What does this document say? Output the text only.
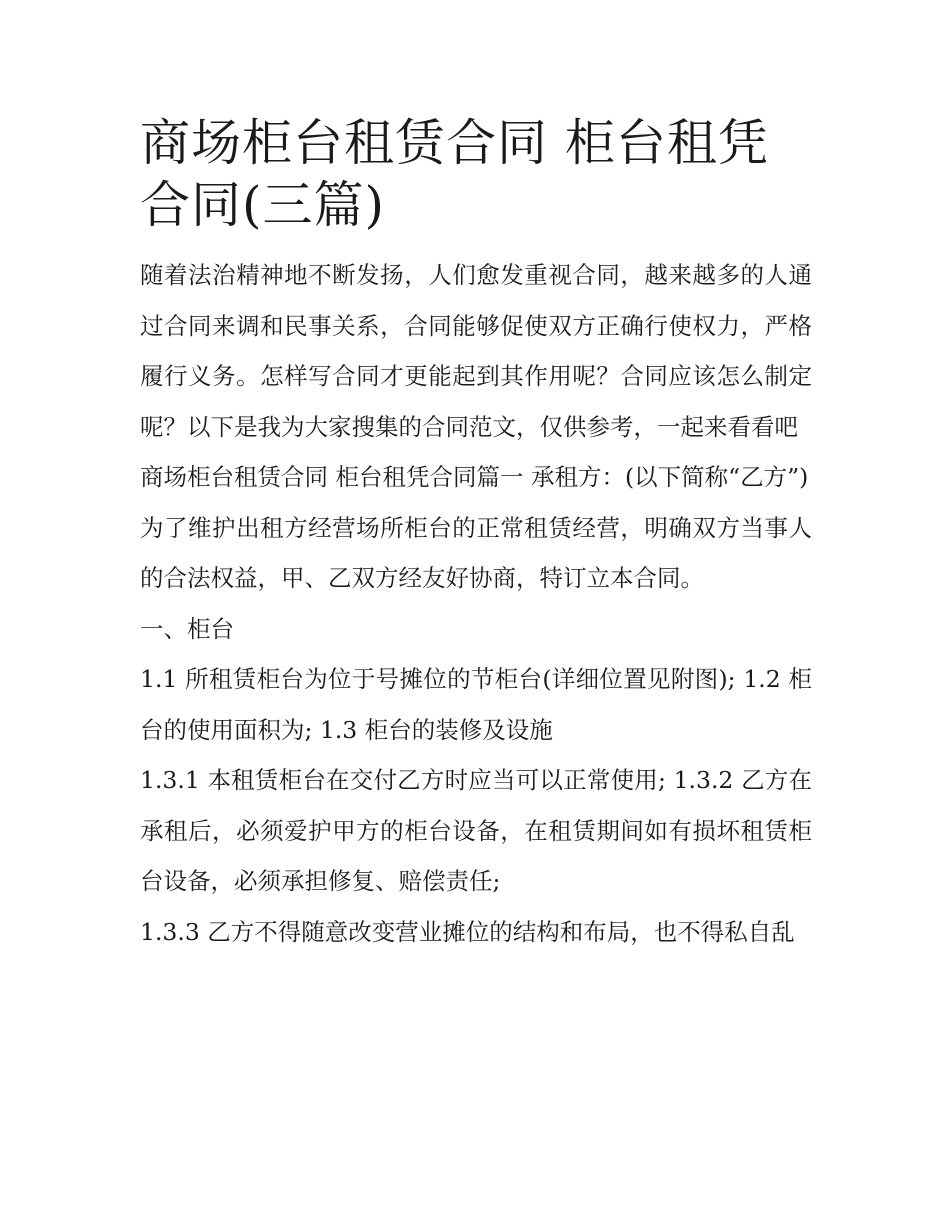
商场柜台租赁合同 柜台租凭合同(三篇)

随着法治精神地不断发扬，人们愈发重视合同，越来越多的人通过合同来调和民事关系，合同能够促使双方正确行使权力，严格履行义务。怎样写合同才更能起到其作用呢？合同应该怎么制定呢？以下是我为大家搜集的合同范文，仅供参考，一起来看看吧

商场柜台租赁合同 柜台租凭合同篇一 承租方：(以下简称“乙方”)

为了维护出租方经营场所柜台的正常租赁经营，明确双方当事人的合法权益，甲、乙双方经友好协商，特订立本合同。

一、柜台

1.1 所租赁柜台为位于号摊位的节柜台(详细位置见附图); 1.2 柜台的使用面积为; 1.3 柜台的装修及设施

1.3.1 本租赁柜台在交付乙方时应当可以正常使用; 1.3.2 乙方在承租后，必须爱护甲方的柜台设备，在租赁期间如有损坏租赁柜台设备，必须承担修复、赔偿责任;

1.3.3 乙方不得随意改变营业摊位的结构和布局，也不得私自乱
